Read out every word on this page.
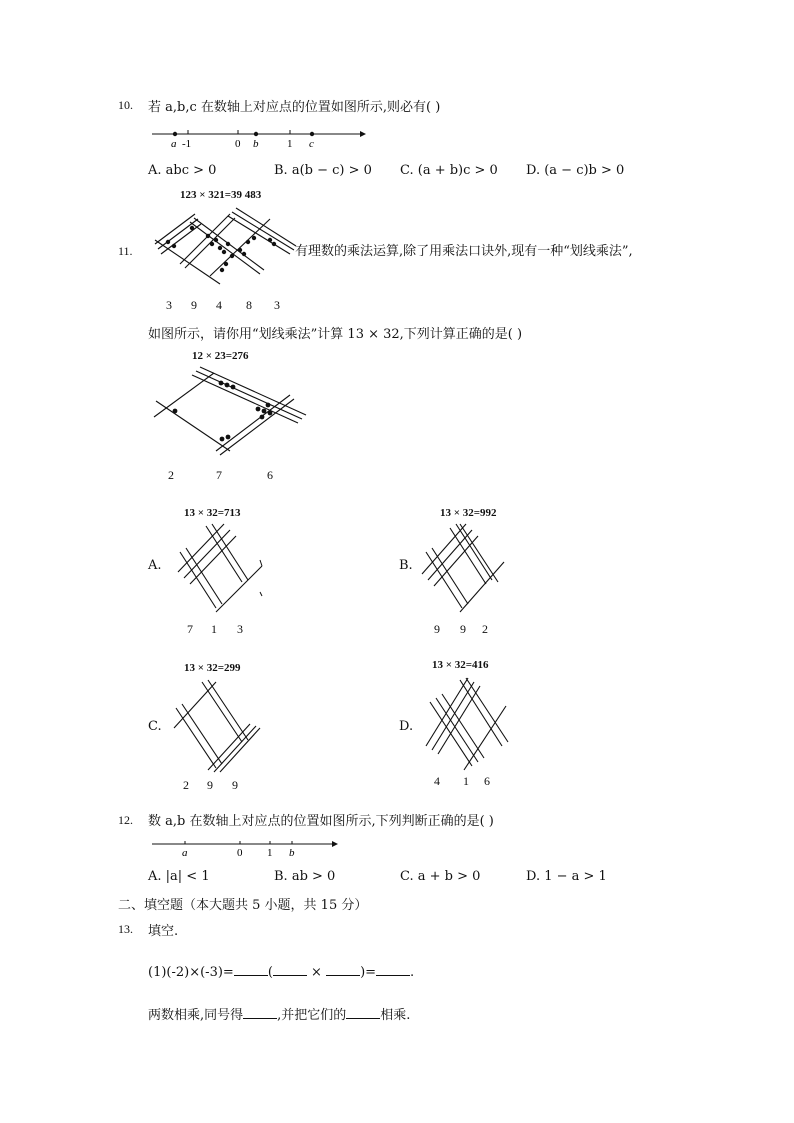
10. 若 a,b,c 在数轴上对应点的位置如图所示,则必有( )
a -1	0 b	1 c
A. abc > 0	B. a(b − c) > 0 C. (a + b)c > 0 D. (a − c)b > 0
123 × 321=39 483
11.	有理数的乘法运算,除了用乘法口诀外,现有一种“划线乘法”,
3 9 4 8 3
如图所示，请你用“划线乘法”计算 13 × 32,下列计算正确的是( )
12 × 23=276
2	7	6
A.
13 × 32=713
7 1 3
B.
13 × 32=992
9 9 2
C.
13 × 32=299
2 9 9
D.
13 × 32=416
4 1 6
12. 数 a,b 在数轴上对应点的位置如图所示,下列判断正确的是( )
a	0 1 b
A. |a| < 1	B. ab > 0	C. a + b > 0	D. 1 − a > 1
二、填空题（本大题共 5 小题，共 15 分）
13. 填空.
(1)(-2)×(-3)=	(	×	)=	.
两数相乘,同号得	,并把它们的	相乘.
